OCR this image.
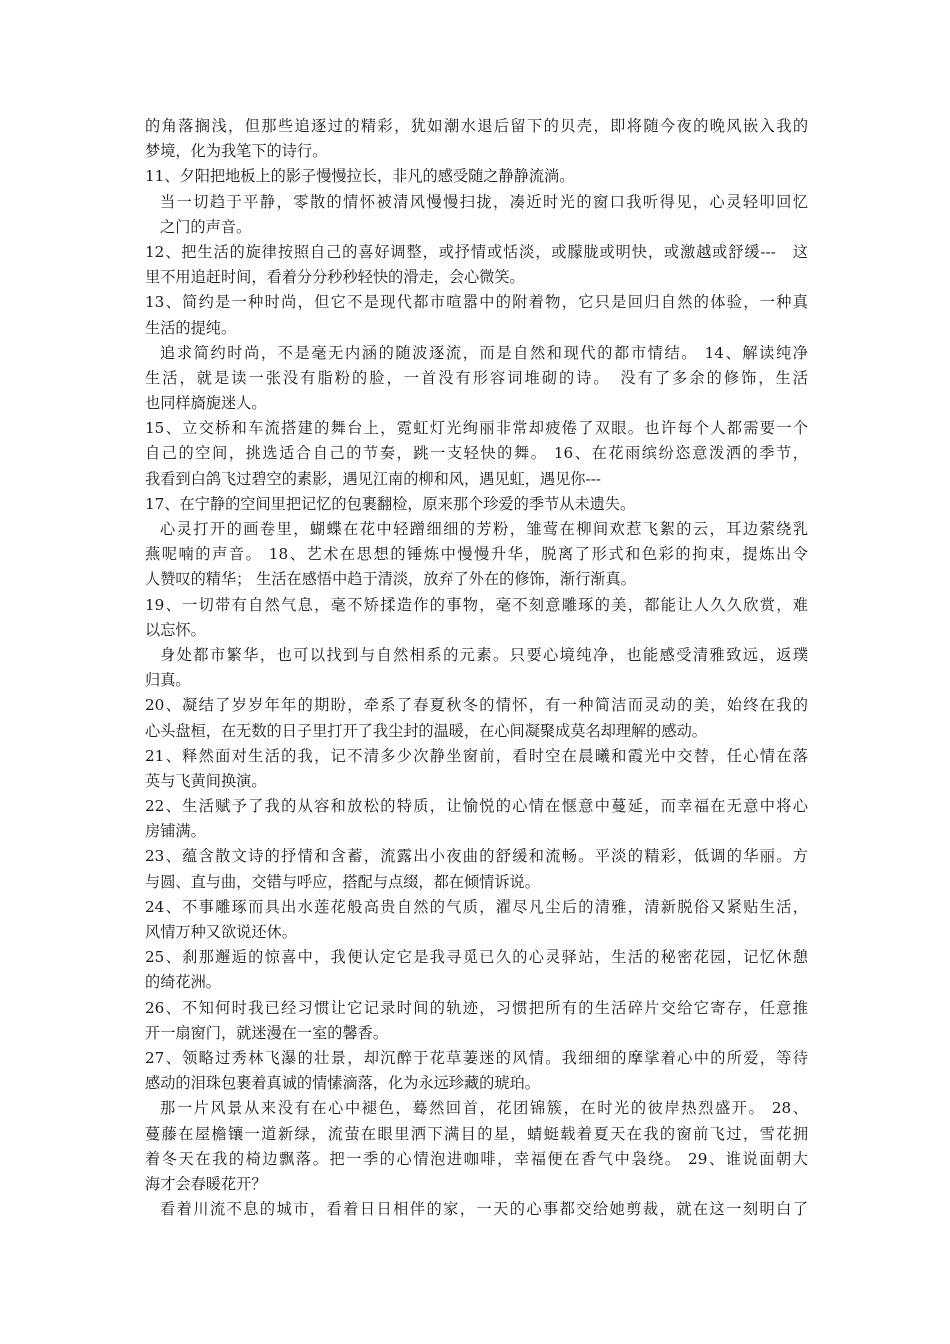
的角落搁浅，但那些追逐过的精彩，犹如潮水退后留下的贝壳，即将随今夜的晚风嵌入我的
梦境，化为我笔下的诗行。
11、夕阳把地板上的影子慢慢拉长，非凡的感受随之静静流淌。
当一切趋于平静，零散的情怀被清风慢慢扫拢，凑近时光的窗口我听得见，心灵轻叩回忆
之门的声音。
12、把生活的旋律按照自己的喜好调整，或抒情或恬淡，或朦胧或明快，或激越或舒缓---　这
里不用追赶时间，看着分分秒秒轻快的滑走，会心微笑。
13、简约是一种时尚，但它不是现代都市喧嚣中的附着物，它只是回归自然的体验，一种真
生活的提纯。
追求简约时尚，不是毫无内涵的随波逐流，而是自然和现代的都市情结。 14、解读纯净
生活，就是读一张没有脂粉的脸，一首没有形容词堆砌的诗。　没有了多余的修饰，生活
也同样旖旎迷人。
15、立交桥和车流搭建的舞台上，霓虹灯光绚丽非常却疲倦了双眼。也许每个人都需要一个
自己的空间，挑选适合自己的节奏，跳一支轻快的舞。 16、在花雨缤纷恣意泼洒的季节，
我看到白鸽飞过碧空的素影，遇见江南的柳和风，遇见虹，遇见你---
17、在宁静的空间里把记忆的包裹翻检，原来那个珍爱的季节从未遗失。
心灵打开的画卷里，蝴蝶在花中轻蹭细细的芳粉，雏莺在柳间欢惹飞絮的云，耳边萦绕乳
燕呢喃的声音。 18、艺术在思想的锤炼中慢慢升华，脱离了形式和色彩的拘束，提炼出令
人赞叹的精华； 生活在感悟中趋于清淡，放弃了外在的修饰，渐行渐真。
19、一切带有自然气息，毫不矫揉造作的事物，毫不刻意雕琢的美，都能让人久久欣赏，难
以忘怀。
身处都市繁华，也可以找到与自然相系的元素。只要心境纯净，也能感受清雅致远，返璞
归真。
20、凝结了岁岁年年的期盼，牵系了春夏秋冬的情怀，有一种简洁而灵动的美，始终在我的
心头盘桓，在无数的日子里打开了我尘封的温暖，在心间凝聚成莫名却理解的感动。
21、释然面对生活的我，记不清多少次静坐窗前，看时空在晨曦和霞光中交替，任心情在落
英与飞黄间换演。
22、生活赋予了我的从容和放松的特质，让愉悦的心情在惬意中蔓延，而幸福在无意中将心
房铺满。
23、蕴含散文诗的抒情和含蓄，流露出小夜曲的舒缓和流畅。平淡的精彩，低调的华丽。方
与圆、直与曲，交错与呼应，搭配与点缀，都在倾情诉说。
24、不事雕琢而具出水莲花般高贵自然的气质，濯尽凡尘后的清雅，清新脱俗又紧贴生活，
风情万种又欲说还休。
25、刹那邂逅的惊喜中，我便认定它是我寻觅已久的心灵驿站，生活的秘密花园，记忆休憩
的绮花洲。
26、不知何时我已经习惯让它记录时间的轨迹，习惯把所有的生活碎片交给它寄存，任意推
开一扇窗门，就迷漫在一室的馨香。
27、领略过秀林飞瀑的壮景，却沉醉于花草萋迷的风情。我细细的摩挲着心中的所爱，等待
感动的泪珠包裹着真诚的情愫滴落，化为永远珍藏的琥珀。
那一片风景从来没有在心中褪色，蓦然回首，花团锦簇，在时光的彼岸热烈盛开。 28、
蔓藤在屋檐镶一道新绿，流萤在眼里洒下满目的星，蜻蜓载着夏天在我的窗前飞过，雪花拥
着冬天在我的椅边飘落。把一季的心情泡进咖啡，幸福便在香气中袅绕。 29、谁说面朝大
海才会春暖花开？
看着川流不息的城市，看着日日相伴的家，一天的心事都交给她剪裁，就在这一刻明白了
